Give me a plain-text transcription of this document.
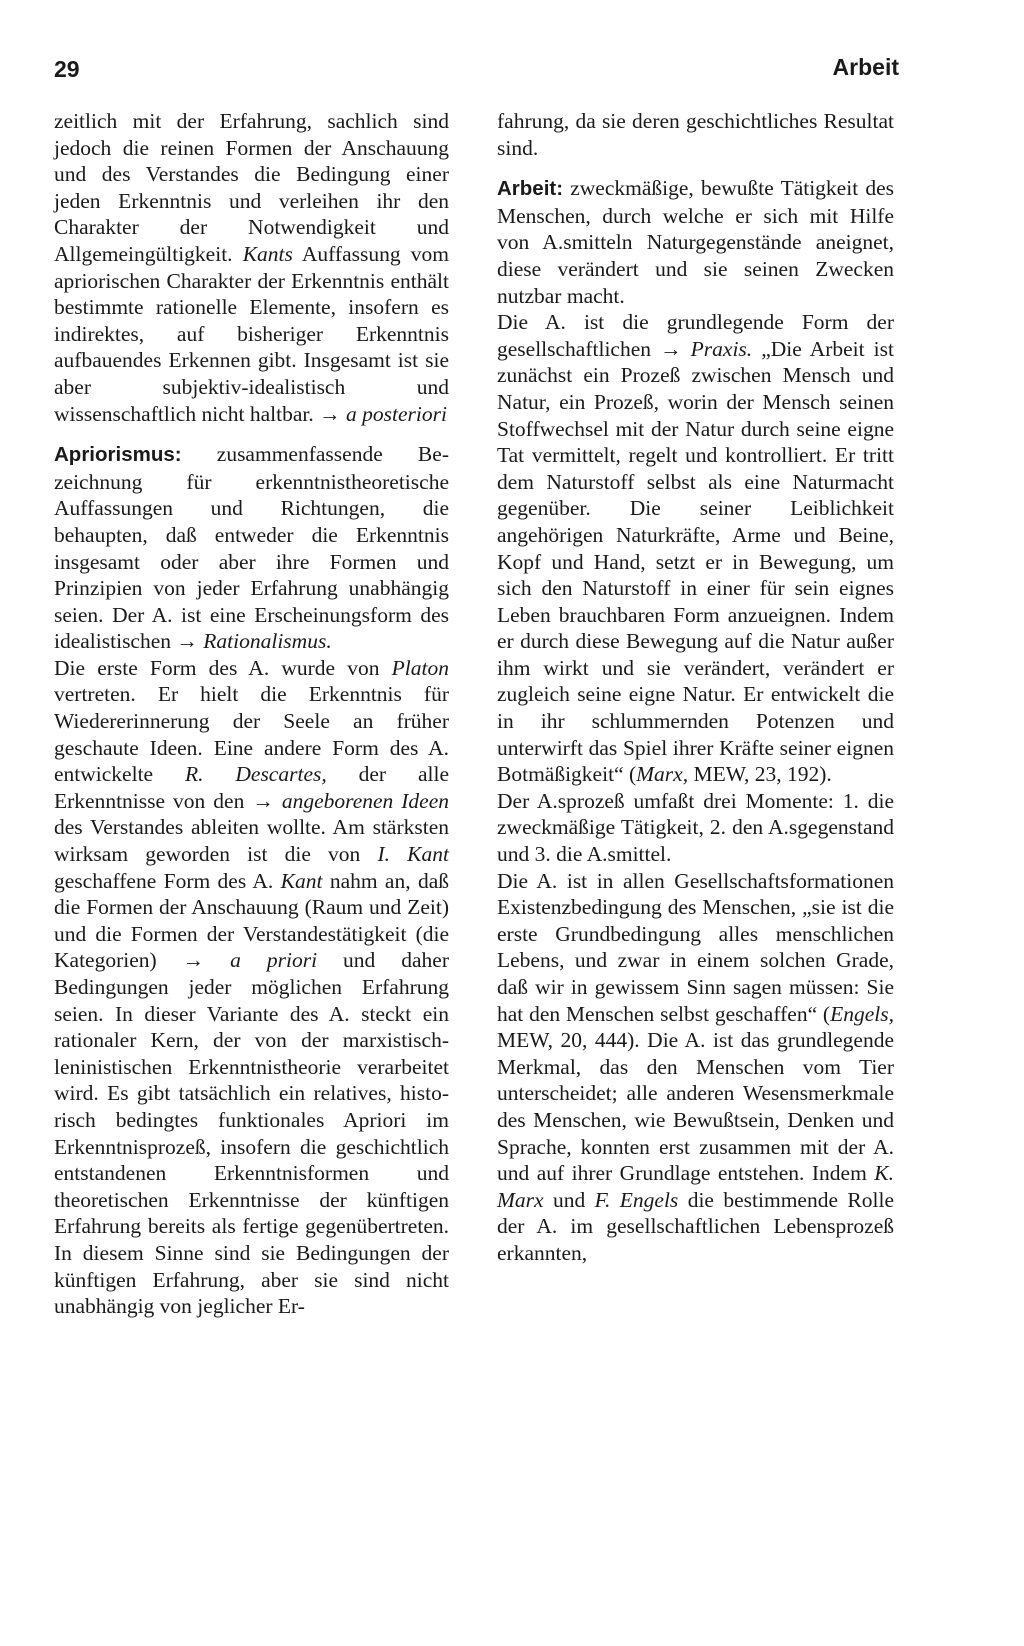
29	Arbeit

zeitlich mit der Erfahrung, sachlich sind jedoch die reinen Formen der Anschauung und des Verstandes die Bedingung einer jeden Erkenntnis und verleihen ihr den Charakter der Notwendigkeit und Allgemeingültigkeit. Kants Auffassung vom apriorischen Charakter der Erkenntnis enthält bestimmte rationelle Elemente, insofern es indirektes, auf bisheriger Erkenntnis aufbauendes Erkennen gibt. Insgesamt ist sie aber subjektiv-idealistisch und wissenschaftlich nicht haltbar. → a posteriori

Apriorismus: zusammenfassende Bezeichnung für erkenntnistheoretische Auffassungen und Richtungen, die behaupten, daß entweder die Erkenntnis insgesamt oder aber ihre Formen und Prinzipien von jeder Erfahrung unabhängig seien. Der A. ist eine Erscheinungsform des idealistischen → Rationalismus.

Die erste Form des A. wurde von Platon vertreten. Er hielt die Erkenntnis für Wiedererinnerung der Seele an früher geschaute Ideen. Eine andere Form des A. entwickelte R. Descartes, der alle Erkenntnisse von den → angeborenen Ideen des Verstandes ableiten wollte. Am stärksten wirksam geworden ist die von I. Kant geschaffene Form des A. Kant nahm an, daß die Formen der Anschauung (Raum und Zeit) und die Formen der Verstandestätigkeit (die Kategorien) → a priori und daher Bedingungen jeder möglichen Erfahrung seien. In dieser Variante des A. steckt ein rationaler Kern, der von der marxistisch-leninistischen Erkenntnistheorie verarbeitet wird. Es gibt tatsächlich ein relatives, historisch bedingtes funktionales Apriori im Erkenntnisprozeß, insofern die geschichtlich entstandenen Erkenntnisformen und theoretischen Erkenntnisse der künftigen Erfahrung bereits als fertige gegenübertreten. In diesem Sinne sind sie Bedingungen der künftigen Erfahrung, aber sie sind nicht unabhängig von jeglicher Er-

fahrung, da sie deren geschichtliches Resultat sind.

Arbeit: zweckmäßige, bewußte Tätigkeit des Menschen, durch welche er sich mit Hilfe von A.smitteln Naturgegenstände aneignet, diese verändert und sie seinen Zwecken nutzbar macht.

Die A. ist die grundlegende Form der gesellschaftlichen → Praxis. „Die Arbeit ist zunächst ein Prozeß zwischen Mensch und Natur, ein Prozeß, worin der Mensch seinen Stoffwechsel mit der Natur durch seine eigne Tat vermittelt, regelt und kontrolliert. Er tritt dem Naturstoff selbst als eine Naturmacht gegenüber. Die seiner Leiblichkeit angehörigen Naturkräfte, Arme und Beine, Kopf und Hand, setzt er in Bewegung, um sich den Naturstoff in einer für sein eignes Leben brauchbaren Form anzueignen. Indem er durch diese Bewegung auf die Natur außer ihm wirkt und sie verändert, verändert er zugleich seine eigne Natur. Er entwickelt die in ihr schlummernden Potenzen und unterwirft das Spiel ihrer Kräfte seiner eignen Botmäßigkeit“ (Marx, MEW, 23, 192).

Der A.sprozeß umfaßt drei Momente: 1. die zweckmäßige Tätigkeit, 2. den A.sgegenstand und 3. die A.smittel.

Die A. ist in allen Gesellschaftsformationen Existenzbedingung des Menschen, „sie ist die erste Grundbedingung alles menschlichen Lebens, und zwar in einem solchen Grade, daß wir in gewissem Sinn sagen müssen: Sie hat den Menschen selbst geschaffen“ (Engels, MEW, 20, 444). Die A. ist das grundlegende Merkmal, das den Menschen vom Tier unterscheidet; alle anderen Wesensmerkmale des Menschen, wie Bewußtsein, Denken und Sprache, konnten erst zusammen mit der A. und auf ihrer Grundlage entstehen. Indem K. Marx und F. Engels die bestimmende Rolle der A. im gesellschaftlichen Lebensprozeß erkannten,
